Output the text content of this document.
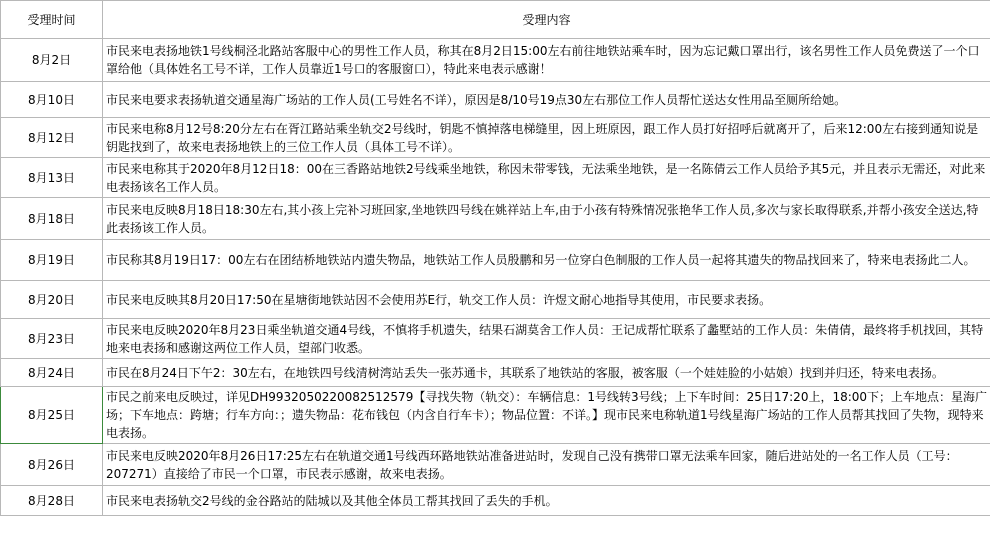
受理时间	受理内容
8月2日	市民来电表扬地铁1号线桐泾北路站客服中心的男性工作人员，称其在8月2日15:00左右前往地铁站乘车时，因为忘记戴口罩出行，该名男性工作人员免费送了一个口罩给他（具体姓名工号不详，工作人员靠近1号口的客服窗口），特此来电表示感谢！
8月10日	市民来电要求表扬轨道交通星海广场站的工作人员(工号姓名不详），原因是8/10号19点30左右那位工作人员帮忙送达女性用品至厕所给她。
8月12日	市民来电称8月12号8:20分左右在胥江路站乘坐轨交2号线时，钥匙不慎掉落电梯缝里，因上班原因，跟工作人员打好招呼后就离开了，后来12:00左右接到通知说是钥匙找到了，故来电表扬地铁上的三位工作人员（具体工号不详）。
8月13日	市民来电称其于2020年8月12日18：00在三香路站地铁2号线乘坐地铁，称因未带零钱，无法乘坐地铁，是一名陈倩云工作人员给予其5元，并且表示无需还，对此来电表扬该名工作人员。
8月18日	市民来电反映8月18日18:30左右,其小孩上完补习班回家,坐地铁四号线在姚祥站上车,由于小孩有特殊情况张艳华工作人员,多次与家长取得联系,并帮小孩安全送达,特此表扬该工作人员。
8月19日	市民称其8月19日17：00左右在团结桥地铁站内遗失物品，地铁站工作人员殷鹏和另一位穿白色制服的工作人员一起将其遗失的物品找回来了，特来电表扬此二人。
8月20日	市民来电反映其8月20日17:50在星塘街地铁站因不会使用苏E行，轨交工作人员：许煜文耐心地指导其使用，市民要求表扬。
8月23日	市民来电反映2020年8月23日乘坐轨道交通4号线，不慎将手机遗失，结果石湖莫舍工作人员：王记成帮忙联系了蠡墅站的工作人员：朱倩倩，最终将手机找回，其特地来电表扬和感谢这两位工作人员，望部门收悉。
8月24日	市民在8月24日下午2：30左右，在地铁四号线清树湾站丢失一张苏通卡，其联系了地铁站的客服，被客服（一个娃娃脸的小姑娘）找到并归还，特来电表扬。
8月25日	市民之前来电反映过，详见DH9932050220082512579【寻找失物（轨交）：车辆信息：1号线转3号线；上下车时间：25日17:20上，18:00下；上车地点：星海广场；下车地点：跨塘；行车方向：；遗失物品：花布钱包（内含自行车卡）；物品位置：不详。】现市民来电称轨道1号线星海广场站的工作人员帮其找回了失物，现特来电表扬。
8月26日	市民来电反映2020年8月26日17:25左右在轨道交通1号线西环路地铁站准备进站时，发现自己没有携带口罩无法乘车回家，随后进站处的一名工作人员（工号：207271）直接给了市民一个口罩，市民表示感谢，故来电表扬。
8月28日	市民来电表扬轨交2号线的金谷路站的陆城以及其他全体员工帮其找回了丢失的手机。
